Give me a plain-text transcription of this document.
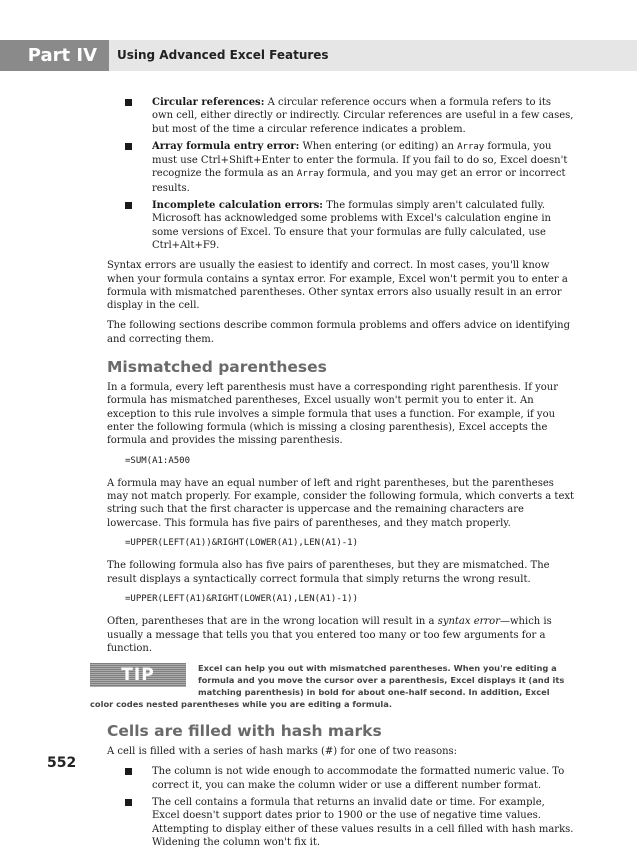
Part IV	Using Advanced Excel Features
Circular references: A circular reference occurs when a formula refers to its own cell, either directly or indirectly. Circular references are useful in a few cases, but most of the time a circular reference indicates a problem.
Array formula entry error: When entering (or editing) an Array formula, you must use Ctrl+Shift+Enter to enter the formula. If you fail to do so, Excel doesn't recognize the formula as an Array formula, and you may get an error or incorrect results.
Incomplete calculation errors: The formulas simply aren't calculated fully. Microsoft has acknowledged some problems with Excel's calculation engine in some versions of Excel. To ensure that your formulas are fully calculated, use Ctrl+Alt+F9.

Syntax errors are usually the easiest to identify and correct. In most cases, you'll know when your formula contains a syntax error. For example, Excel won't permit you to enter a formula with mismatched parentheses. Other syntax errors also usually result in an error display in the cell.

The following sections describe common formula problems and offers advice on identifying and correcting them.

Mismatched parentheses

In a formula, every left parenthesis must have a corresponding right parenthesis. If your formula has mismatched parentheses, Excel usually won't permit you to enter it. An exception to this rule involves a simple formula that uses a function. For example, if you enter the following formula (which is missing a closing parenthesis), Excel accepts the formula and provides the missing parenthesis.

=SUM(A1:A500

A formula may have an equal number of left and right parentheses, but the parentheses may not match properly. For example, consider the following formula, which converts a text string such that the first character is uppercase and the remaining characters are lowercase. This formula has five pairs of parentheses, and they match properly.

=UPPER(LEFT(A1))&RIGHT(LOWER(A1),LEN(A1)-1)

The following formula also has five pairs of parentheses, but they are mismatched. The result displays a syntactically correct formula that simply returns the wrong result.

=UPPER(LEFT(A1)&RIGHT(LOWER(A1),LEN(A1)-1))

Often, parentheses that are in the wrong location will result in a syntax error—which is usually a message that tells you that you entered too many or too few arguments for a function.

TIP	Excel can help you out with mismatched parentheses. When you're editing a formula and you move the cursor over a parenthesis, Excel displays it (and its matching parenthesis) in bold for about one-half second. In addition, Excel color codes nested parentheses while you are editing a formula.
Cells are filled with hash marks

A cell is filled with a series of hash marks (#) for one of two reasons:

The column is not wide enough to accommodate the formatted numeric value. To correct it, you can make the column wider or use a different number format.
The cell contains a formula that returns an invalid date or time. For example, Excel doesn't support dates prior to 1900 or the use of negative time values. Attempting to display either of these values results in a cell filled with hash marks. Widening the column won't fix it.
552
